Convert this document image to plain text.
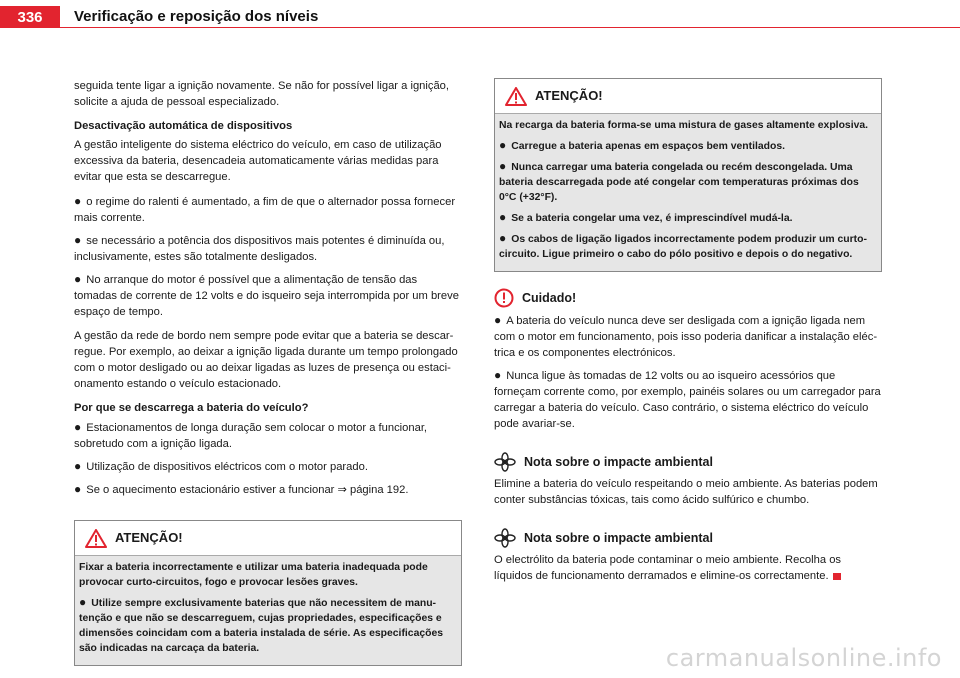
336	Verificação e reposição dos níveis

seguida tente ligar a ignição novamente. Se não for possível ligar a ignição, solicite a ajuda de pessoal especializado.

Desactivação automática de dispositivos

A gestão inteligente do sistema eléctrico do veículo, em caso de utilização excessiva da bateria, desencadeia automaticamente várias medidas para evitar que esta se descarregue.

● o regime do ralenti é aumentado, a fim de que o alternador possa fornecer mais corrente.

● se necessário a potência dos dispositivos mais potentes é diminuída ou, inclusivamente, estes são totalmente desligados.

● No arranque do motor é possível que a alimentação de tensão das tomadas de corrente de 12 volts e do isqueiro seja interrompida por um breve espaço de tempo.

A gestão da rede de bordo nem sempre pode evitar que a bateria se descar-regue. Por exemplo, ao deixar a ignição ligada durante um tempo prolongado com o motor desligado ou ao deixar ligadas as luzes de presença ou estaci-onamento estando o veículo estacionado.

Por que se descarrega a bateria do veículo?

● Estacionamentos de longa duração sem colocar o motor a funcionar, sobretudo com a ignição ligada.

● Utilização de dispositivos eléctricos com o motor parado.

● Se o aquecimento estacionário estiver a funcionar ⇒ página 192.

ATENÇÃO!

Fixar a bateria incorrectamente e utilizar uma bateria inadequada pode provocar curto-circuitos, fogo e provocar lesões graves.

● Utilize sempre exclusivamente baterias que não necessitem de manu-tenção e que não se descarreguem, cujas propriedades, especificações e dimensões coincidam com a bateria instalada de série. As especificações são indicadas na carcaça da bateria.

ATENÇÃO!

Na recarga da bateria forma-se uma mistura de gases altamente explosiva.

● Carregue a bateria apenas em espaços bem ventilados.

● Nunca carregar uma bateria congelada ou recém descongelada. Uma bateria descarregada pode até congelar com temperaturas próximas dos 0°C (+32°F).

● Se a bateria congelar uma vez, é imprescindível mudá-la.

● Os cabos de ligação ligados incorrectamente podem produzir um curto-circuito. Ligue primeiro o cabo do pólo positivo e depois o do negativo.

Cuidado!

● A bateria do veículo nunca deve ser desligada com a ignição ligada nem com o motor em funcionamento, pois isso poderia danificar a instalação eléc-trica e os componentes electrónicos.

● Nunca ligue às tomadas de 12 volts ou ao isqueiro acessórios que forneçam corrente como, por exemplo, painéis solares ou um carregador para carregar a bateria do veículo. Caso contrário, o sistema eléctrico do veículo pode avariar-se.

Nota sobre o impacte ambiental

Elimine a bateria do veículo respeitando o meio ambiente. As baterias podem conter substâncias tóxicas, tais como ácido sulfúrico e chumbo.

Nota sobre o impacte ambiental

O electrólito da bateria pode contaminar o meio ambiente. Recolha os líquidos de funcionamento derramados e elimine-os correctamente.

carmanualsonline.info
